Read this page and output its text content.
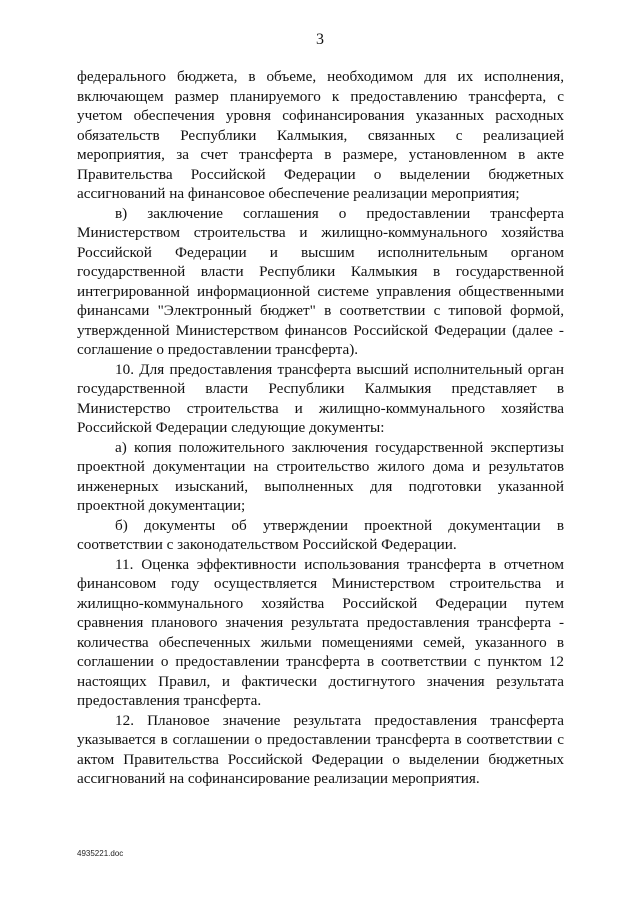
3

федерального бюджета, в объеме, необходимом для их исполнения, включающем размер планируемого к предоставлению трансферта, с учетом обеспечения уровня софинансирования указанных расходных обязательств Республики Калмыкия, связанных с реализацией мероприятия, за счет трансферта в размере, установленном в акте Правительства Российской Федерации о выделении бюджетных ассигнований на финансовое обеспечение реализации мероприятия;

в) заключение соглашения о предоставлении трансферта Министерством строительства и жилищно-коммунального хозяйства Российской Федерации и высшим исполнительным органом государственной власти Республики Калмыкия в государственной интегрированной информационной системе управления общественными финансами "Электронный бюджет" в соответствии с типовой формой, утвержденной Министерством финансов Российской Федерации (далее - соглашение о предоставлении трансферта).

10. Для предоставления трансферта высший исполнительный орган государственной власти Республики Калмыкия представляет в Министерство строительства и жилищно-коммунального хозяйства Российской Федерации следующие документы:

а) копия положительного заключения государственной экспертизы проектной документации на строительство жилого дома и результатов инженерных изысканий, выполненных для подготовки указанной проектной документации;

б) документы об утверждении проектной документации в соответствии с законодательством Российской Федерации.

11. Оценка эффективности использования трансферта в отчетном финансовом году осуществляется Министерством строительства и жилищно-коммунального хозяйства Российской Федерации путем сравнения планового значения результата предоставления трансферта - количества обеспеченных жильми помещениями семей, указанного в соглашении о предоставлении трансферта в соответствии с пунктом 12 настоящих Правил, и фактически достигнутого значения результата предоставления трансферта.

12. Плановое значение результата предоставления трансферта указывается в соглашении о предоставлении трансферта в соответствии с актом Правительства Российской Федерации о выделении бюджетных ассигнований на софинансирование реализации мероприятия.

4935221.doc
